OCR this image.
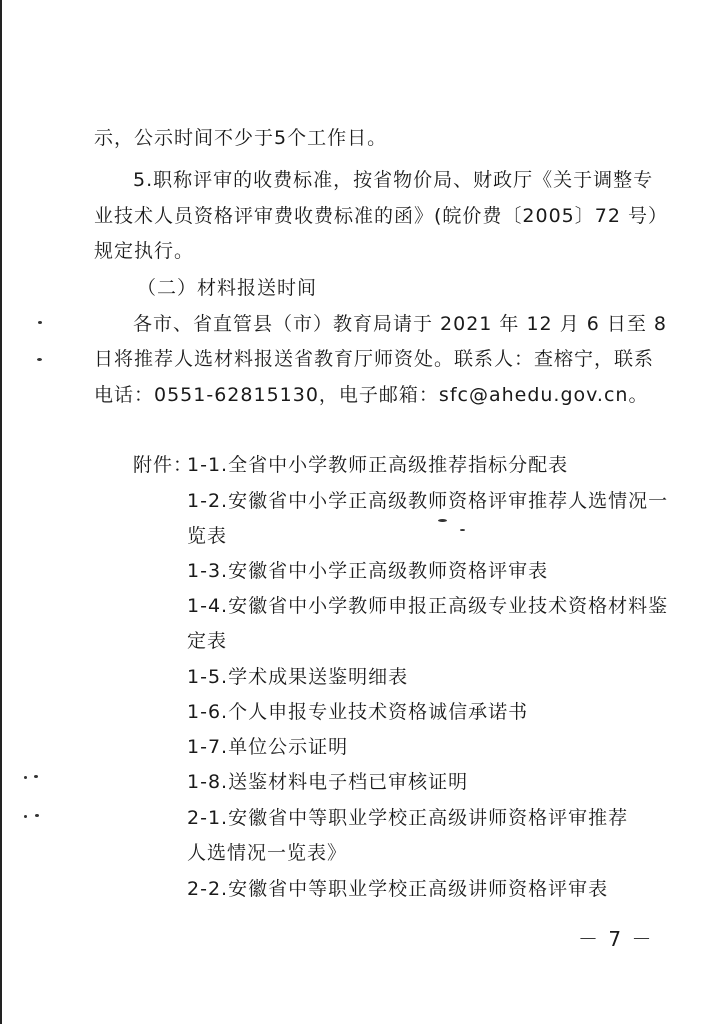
示，公示时间不少于5个工作日。
5.职称评审的收费标准，按省物价局、财政厅《关于调整专
业技术人员资格评审费收费标准的函》(皖价费〔2005〕72 号）
规定执行。
（二）材料报送时间
各市、省直管县（市）教育局请于 2021 年 12 月 6 日至 8
日将推荐人选材料报送省教育厅师资处。联系人：查榕宁，联系
电话：0551-62815130，电子邮箱：sfc@ahedu.gov.cn。
附件：
1-1.全省中小学教师正高级推荐指标分配表
1-2.安徽省中小学正高级教师资格评审推荐人选情况一
览表
1-3.安徽省中小学正高级教师资格评审表
1-4.安徽省中小学教师申报正高级专业技术资格材料鉴
定表
1-5.学术成果送鉴明细表
1-6.个人申报专业技术资格诚信承诺书
1-7.单位公示证明
1-8.送鉴材料电子档已审核证明
2-1.安徽省中等职业学校正高级讲师资格评审推荐
人选情况一览表》
2-2.安徽省中等职业学校正高级讲师资格评审表
－ 7 －
